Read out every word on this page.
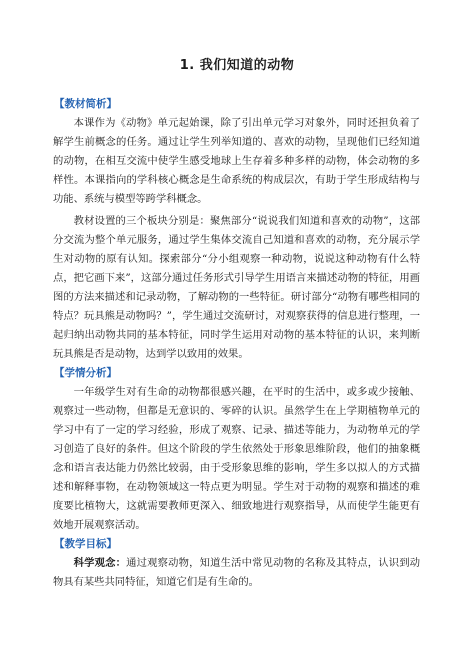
1. 我们知道的动物
【教材简析】

本课作为《动物》单元起始课，除了引出单元学习对象外，同时还担负着了解学生前概念的任务。通过让学生列举知道的、喜欢的动物，呈现他们已经知道的动物，在相互交流中使学生感受地球上生存着多种多样的动物，体会动物的多样性。本课指向的学科核心概念是生命系统的构成层次，有助于学生形成结构与功能、系统与模型等跨学科概念。

教材设置的三个板块分别是：聚焦部分“说说我们知道和喜欢的动物”，这部分交流为整个单元服务，通过学生集体交流自己知道和喜欢的动物，充分展示学生对动物的原有认知。探索部分“分小组观察一种动物，说说这种动物有什么特点，把它画下来”，这部分通过任务形式引导学生用语言来描述动物的特征，用画图的方法来描述和记录动物，了解动物的一些特征。研讨部分“动物有哪些相同的特点？玩具熊是动物吗？”，学生通过交流研讨，对观察获得的信息进行整理，一起归纳出动物共同的基本特征，同时学生运用对动物的基本特征的认识，来判断玩具熊是否是动物，达到学以致用的效果。

【学情分析】

一年级学生对有生命的动物都很感兴趣，在平时的生活中，或多或少接触、观察过一些动物，但都是无意识的、零碎的认识。虽然学生在上学期植物单元的学习中有了一定的学习经验，形成了观察、记录、描述等能力，为动物单元的学习创造了良好的条件。但这个阶段的学生依然处于形象思维阶段，他们的抽象概念和语言表达能力仍然比较弱，由于受形象思维的影响，学生多以拟人的方式描述和解释事物，在动物领域这一特点更为明显。学生对于动物的观察和描述的难度要比植物大，这就需要教师更深入、细致地进行观察指导，从而使学生能更有效地开展观察活动。

【教学目标】

科学观念：通过观察动物，知道生活中常见动物的名称及其特点，认识到动物具有某些共同特征，知道它们是有生命的。
